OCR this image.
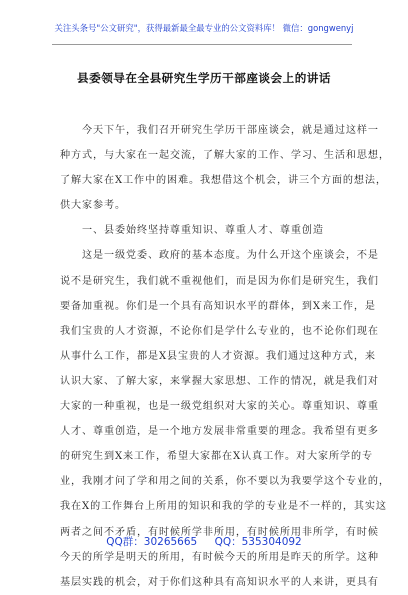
关注头条号"公文研究"，获得最新最全最专业的公文资料库！ 微信：gongwenyj
县委领导在全县研究生学历干部座谈会上的讲话
　　今天下午，我们召开研究生学历干部座谈会，就是通过这样一
种方式，与大家在一起交流，了解大家的工作、学习、生活和思想，
了解大家在X工作中的困难。我想借这个机会，讲三个方面的想法，
供大家参考。
　　一、县委始终坚持尊重知识、尊重人才、尊重创造
　　这是一级党委、政府的基本态度。为什么开这个座谈会，不是
说不是研究生，我们就不重视他们，而是因为你们是研究生，我们
要备加重视。你们是一个具有高知识水平的群体，到X来工作，是
我们宝贵的人才资源，不论你们是学什么专业的，也不论你们现在
从事什么工作，都是X县宝贵的人才资源。我们通过这种方式，来
认识大家、了解大家，来掌握大家思想、工作的情况，就是我们对
大家的一种重视，也是一级党组织对大家的关心。尊重知识、尊重
人才、尊重创造，是一个地方发展非常重要的理念。我希望有更多
的研究生到X来工作，希望大家都在X认真工作。对大家所学的专
业，我刚才问了学和用之间的关系，你不要以为我要学这个专业的，
我在X的工作舞台上所用的知识和我的学的专业是不一样的，其实这
两者之间不矛盾，有时候所学非所用，有时候所用非所学，有时候
今天的所学是明天的所用，有时候今天的所用是昨天的所学。这种
基层实践的机会，对于你们这种具有高知识水平的人来讲，更具有
QQ群：30265665 QQ：535304092
